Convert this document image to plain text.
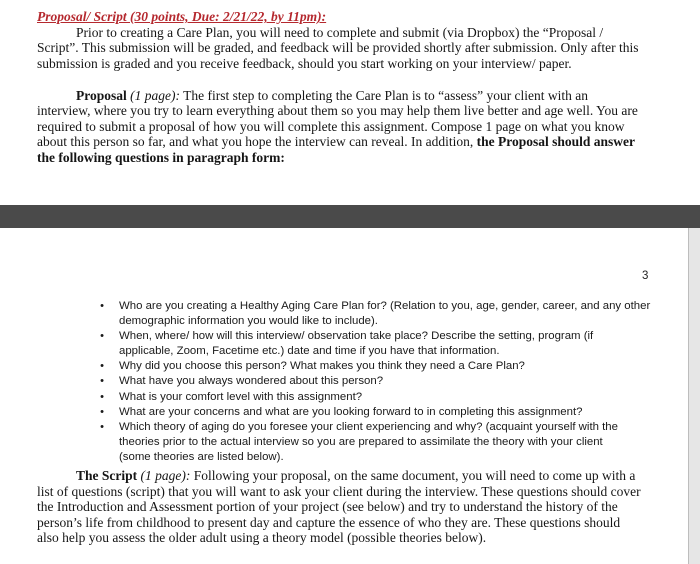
Proposal/ Script (30 points, Due: 2/21/22, by 11pm):
Prior to creating a Care Plan, you will need to complete and submit (via Dropbox) the “Proposal /
Script”. This submission will be graded, and feedback will be provided shortly after submission. Only after this
submission is graded and you receive feedback, should you start working on your interview/ paper.
Proposal (1 page): The first step to completing the Care Plan is to “assess” your client with an
interview, where you try to learn everything about them so you may help them live better and age well. You are
required to submit a proposal of how you will complete this assignment. Compose 1 page on what you know
about this person so far, and what you hope the interview can reveal. In addition, the Proposal should answer
the following questions in paragraph form:
3
• Who are you creating a Healthy Aging Care Plan for? (Relation to you, age, gender, career, and any other
demographic information you would like to include).
• When, where/ how will this interview/ observation take place? Describe the setting, program (if
applicable, Zoom, Facetime etc.) date and time if you have that information.
• Why did you choose this person? What makes you think they need a Care Plan?
• What have you always wondered about this person?
• What is your comfort level with this assignment?
• What are your concerns and what are you looking forward to in completing this assignment?
• Which theory of aging do you foresee your client experiencing and why? (acquaint yourself with the
theories prior to the actual interview so you are prepared to assimilate the theory with your client
(some theories are listed below).
The Script (1 page): Following your proposal, on the same document, you will need to come up with a
list of questions (script) that you will want to ask your client during the interview. These questions should cover
the Introduction and Assessment portion of your project (see below) and try to understand the history of the
person’s life from childhood to present day and capture the essence of who they are. These questions should
also help you assess the older adult using a theory model (possible theories below).
